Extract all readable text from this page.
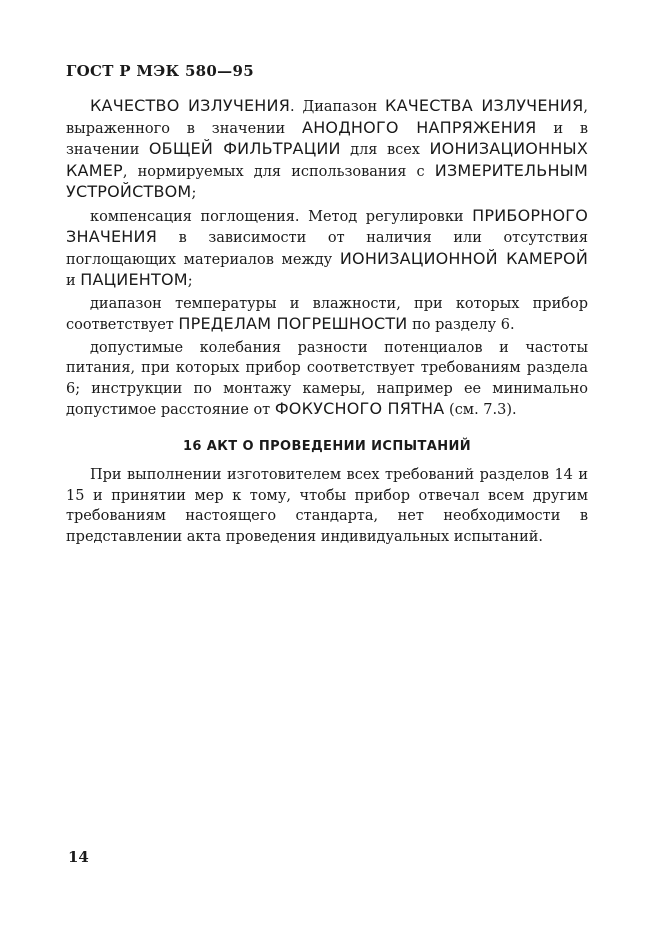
ГОСТ Р МЭК 580—95

КАЧЕСТВО ИЗЛУЧЕНИЯ. Диапазон КАЧЕСТВА ИЗЛУЧЕНИЯ, выраженного в значении АНОДНОГО НАПРЯЖЕНИЯ и в значении ОБЩЕЙ ФИЛЬТРАЦИИ для всех ИОНИЗАЦИОННЫХ КАМЕР, нормируемых для использования с ИЗМЕРИТЕЛЬНЫМ УСТРОЙСТВОМ;

компенсация поглощения. Метод регулировки ПРИБОРНОГО ЗНАЧЕНИЯ в зависимости от наличия или отсутствия поглощающих материалов между ИОНИЗАЦИОННОЙ КАМЕРОЙ и ПАЦИЕНТОМ;

диапазон температуры и влажности, при которых прибор соответствует ПРЕДЕЛАМ ПОГРЕШНОСТИ по разделу 6.

допустимые колебания разности потенциалов и частоты питания, при которых прибор соответствует требованиям раздела 6; инструкции по монтажу камеры, например ее минимально допустимое расстояние от ФОКУСНОГО ПЯТНА (см. 7.3).

16 АКТ О ПРОВЕДЕНИИ ИСПЫТАНИЙ

При выполнении изготовителем всех требований разделов 14 и 15 и принятии мер к тому, чтобы прибор отвечал всем другим требованиям настоящего стандарта, нет необходимости в представлении акта проведения индивидуальных испытаний.

14
